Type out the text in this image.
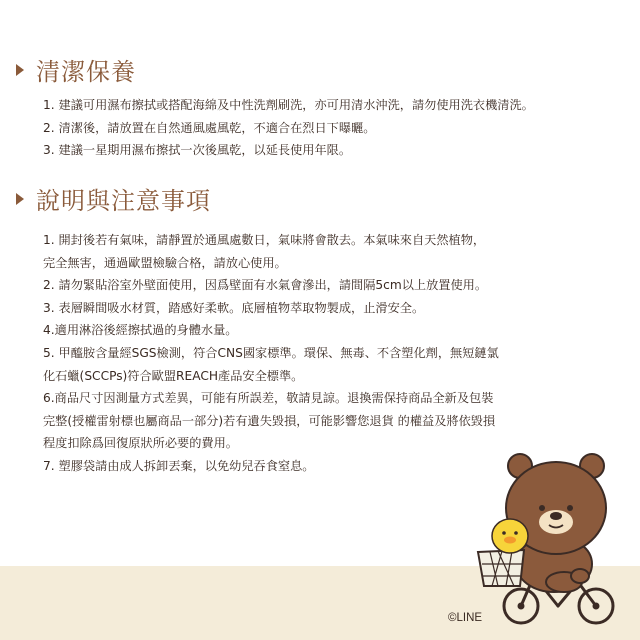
清潔保養
1. 建議可用濕布擦拭或搭配海綿及中性洗劑刷洗，亦可用清水沖洗，請勿使用洗衣機清洗。
2. 清潔後，請放置在自然通風處風乾，不適合在烈日下曝曬。
3. 建議一星期用濕布擦拭一次後風乾，以延長使用年限。
說明與注意事項
1. 開封後若有氣味，請靜置於通風處數日，氣味將會散去。本氣味來自天然植物，
完全無害，通過歐盟檢驗合格，請放心使用。
2. 請勿緊貼浴室外壁面使用，因爲壁面有水氣會滲出，請間隔5cm以上放置使用。
3. 表層瞬間吸水材質，踏感好柔軟。底層植物萃取物製成，止滑安全。
4.適用淋浴後經擦拭過的身體水量。
5. 甲醯胺含量經SGS檢測，符合CNS國家標準。環保、無毒、不含塑化劑，無短鏈氯
化石蠟(SCCPs)符合歐盟REACH產品安全標準。
6.商品尺寸因測量方式差異，可能有所誤差，敬請見諒。退換需保持商品全新及包裝
完整(授權雷射標也屬商品一部分)若有遺失毀損，可能影響您退貨 的權益及將依毀損
程度扣除爲回復原狀所必要的費用。
7. 塑膠袋請由成人拆卸丟棄，以免幼兒吞食窒息。
©LINE
